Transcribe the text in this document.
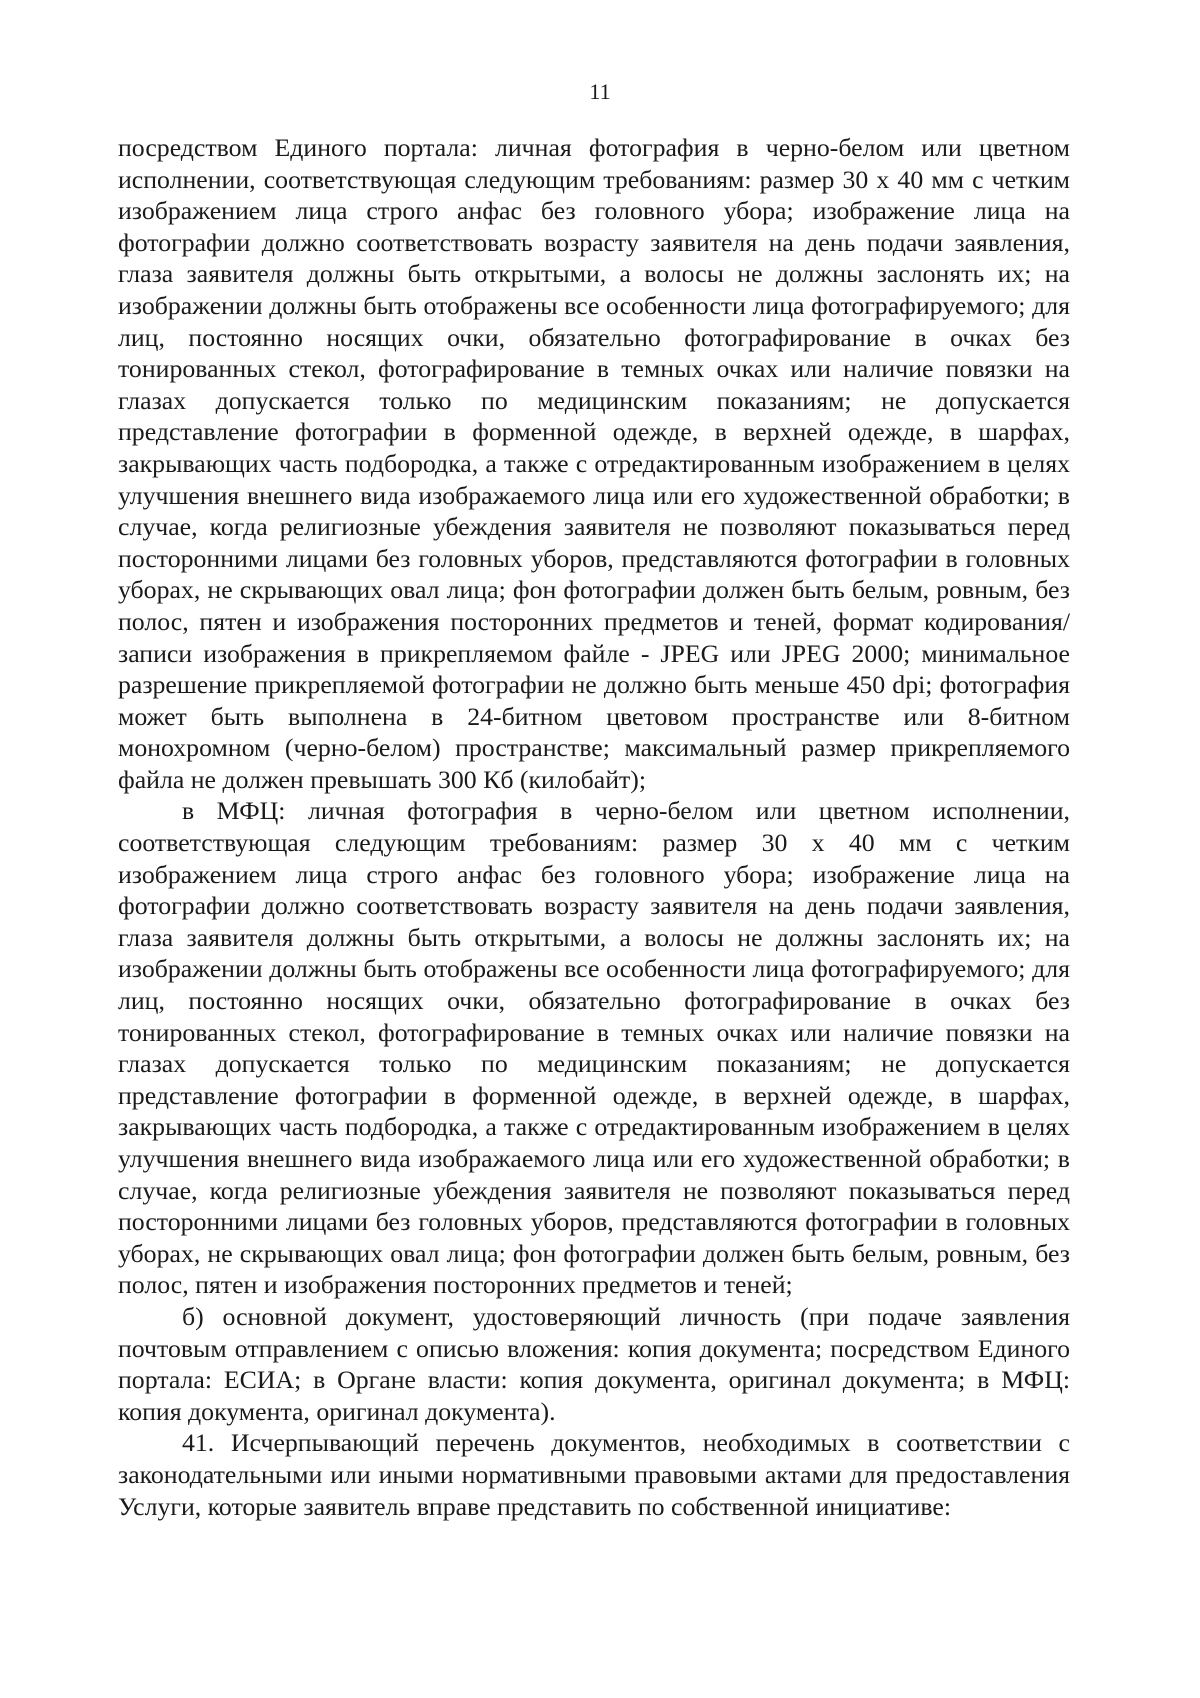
11

посредством Единого портала: личная фотография в черно-белом или цветном исполнении, соответствующая следующим требованиям: размер 30 х 40 мм с четким изображением лица строго анфас без головного убора; изображение лица на фотографии должно соответствовать возрасту заявителя на день подачи заявления, глаза заявителя должны быть открытыми, а волосы не должны заслонять их; на изображении должны быть отображены все особенности лица фотографируемого; для лиц, постоянно носящих очки, обязательно фотографирование в очках без тонированных стекол, фотографирование в темных очках или наличие повязки на глазах допускается только по медицинским показаниям; не допускается представление фотографии в форменной одежде, в верхней одежде, в шарфах, закрывающих часть подбородка, а также с отредактированным изображением в целях улучшения внешнего вида изображаемого лица или его художественной обработки; в случае, когда религиозные убеждения заявителя не позволяют показываться перед посторонними лицами без головных уборов, представляются фотографии в головных уборах, не скрывающих овал лица; фон фотографии должен быть белым, ровным, без полос, пятен и изображения посторонних предметов и теней, формат кодирования/записи изображения в прикрепляемом файле - JPEG или JPEG 2000; минимальное разрешение прикрепляемой фотографии не должно быть меньше 450 dpi; фотография может быть выполнена в 24-битном цветовом пространстве или 8-битном монохромном (черно-белом) пространстве; максимальный размер прикрепляемого файла не должен превышать 300 Кб (килобайт);

в МФЦ: личная фотография в черно-белом или цветном исполнении, соответствующая следующим требованиям: размер 30 х 40 мм с четким изображением лица строго анфас без головного убора; изображение лица на фотографии должно соответствовать возрасту заявителя на день подачи заявления, глаза заявителя должны быть открытыми, а волосы не должны заслонять их; на изображении должны быть отображены все особенности лица фотографируемого; для лиц, постоянно носящих очки, обязательно фотографирование в очках без тонированных стекол, фотографирование в темных очках или наличие повязки на глазах допускается только по медицинским показаниям; не допускается представление фотографии в форменной одежде, в верхней одежде, в шарфах, закрывающих часть подбородка, а также с отредактированным изображением в целях улучшения внешнего вида изображаемого лица или его художественной обработки; в случае, когда религиозные убеждения заявителя не позволяют показываться перед посторонними лицами без головных уборов, представляются фотографии в головных уборах, не скрывающих овал лица; фон фотографии должен быть белым, ровным, без полос, пятен и изображения посторонних предметов и теней;

б) основной документ, удостоверяющий личность (при подаче заявления почтовым отправлением с описью вложения: копия документа; посредством Единого портала: ЕСИА; в Органе власти: копия документа, оригинал документа; в МФЦ: копия документа, оригинал документа).

41. Исчерпывающий перечень документов, необходимых в соответствии с законодательными или иными нормативными правовыми актами для предоставления Услуги, которые заявитель вправе представить по собственной инициативе:
